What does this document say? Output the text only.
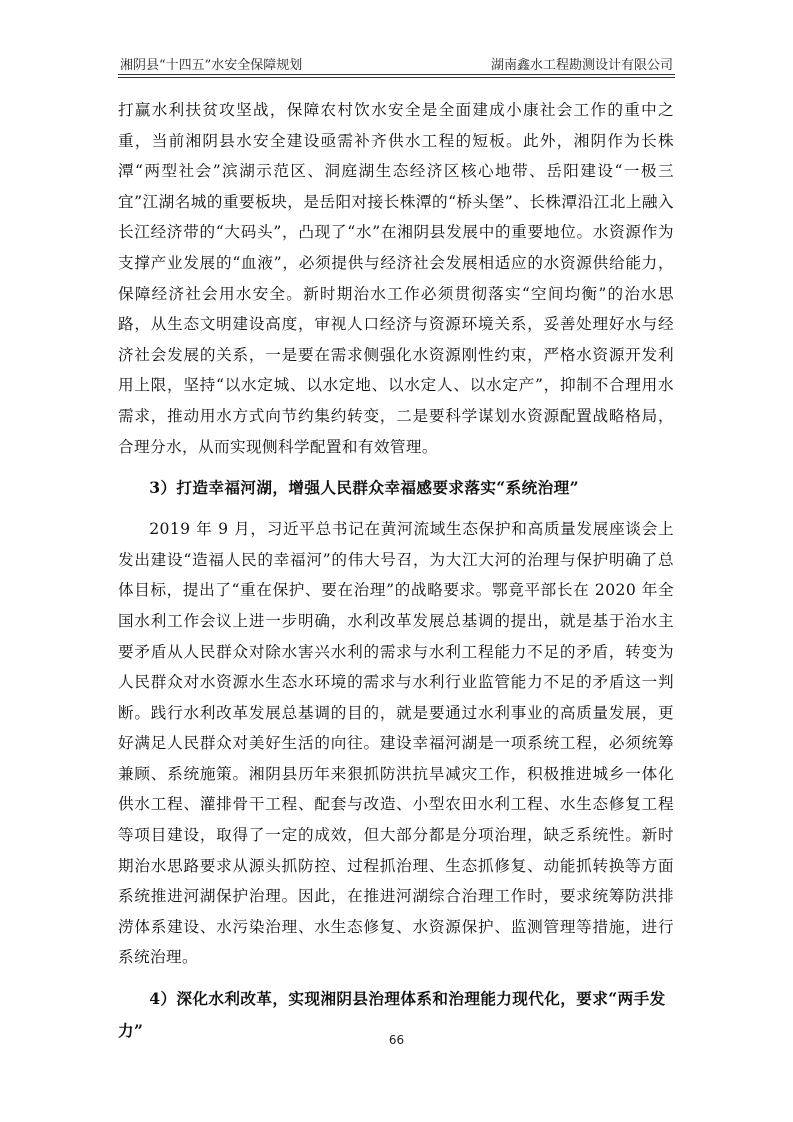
湘阴县“十四五”水安全保障规划	湖南鑫水工程勘测设计有限公司

打赢水利扶贫攻坚战，保障农村饮水安全是全面建成小康社会工作的重中之重，当前湘阴县水安全建设亟需补齐供水工程的短板。此外，湘阴作为长株潭“两型社会”滨湖示范区、洞庭湖生态经济区核心地带、岳阳建设“一极三宜”江湖名城的重要板块，是岳阳对接长株潭的“桥头堡”、长株潭沿江北上融入长江经济带的“大码头”，凸现了“水”在湘阴县发展中的重要地位。水资源作为支撑产业发展的“血液”，必须提供与经济社会发展相适应的水资源供给能力，保障经济社会用水安全。新时期治水工作必须贯彻落实“空间均衡”的治水思路，从生态文明建设高度，审视人口经济与资源环境关系，妥善处理好水与经济社会发展的关系，一是要在需求侧强化水资源刚性约束，严格水资源开发利用上限，坚持“以水定城、以水定地、以水定人、以水定产”，抑制不合理用水需求，推动用水方式向节约集约转变，二是要科学谋划水资源配置战略格局，合理分水，从而实现侧科学配置和有效管理。

3）打造幸福河湖，增强人民群众幸福感要求落实“系统治理”

2019 年 9 月，习近平总书记在黄河流域生态保护和高质量发展座谈会上发出建设“造福人民的幸福河”的伟大号召，为大江大河的治理与保护明确了总体目标，提出了“重在保护、要在治理”的战略要求。鄂竟平部长在 2020 年全国水利工作会议上进一步明确，水利改革发展总基调的提出，就是基于治水主要矛盾从人民群众对除水害兴水利的需求与水利工程能力不足的矛盾，转变为人民群众对水资源水生态水环境的需求与水利行业监管能力不足的矛盾这一判断。践行水利改革发展总基调的目的，就是要通过水利事业的高质量发展，更好满足人民群众对美好生活的向往。建设幸福河湖是一项系统工程，必须统筹兼顾、系统施策。湘阴县历年来狠抓防洪抗旱减灾工作，积极推进城乡一体化供水工程、灌排骨干工程、配套与改造、小型农田水利工程、水生态修复工程等项目建设，取得了一定的成效，但大部分都是分项治理，缺乏系统性。新时期治水思路要求从源头抓防控、过程抓治理、生态抓修复、动能抓转换等方面系统推进河湖保护治理。因此，在推进河湖综合治理工作时，要求统筹防洪排涝体系建设、水污染治理、水生态修复、水资源保护、监测管理等措施，进行系统治理。

4）深化水利改革，实现湘阴县治理体系和治理能力现代化，要求“两手发力”	66
